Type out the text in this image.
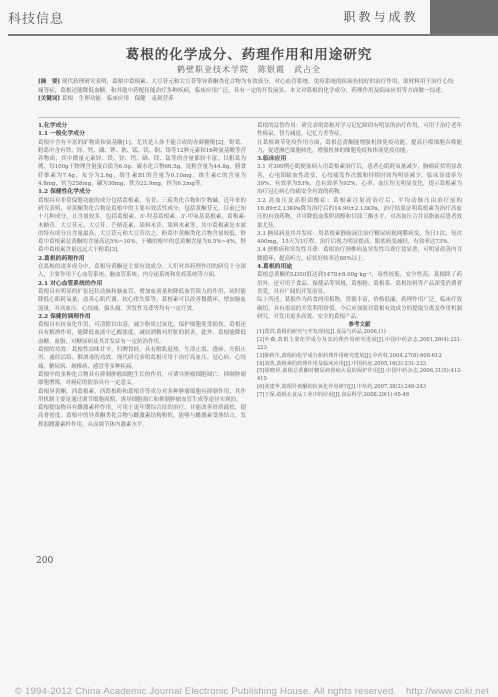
科技信息	职教与成教
葛根的化学成分、药理作用和用途研究
鹤壁职业技术学院　陈银霞　武占全
[摘　要] 现代药理研究表明，葛根中葛根素、大豆苷元和大豆苷等异黄酮类化合物为有效成分，对心血管系统、免疫系统的疾病有较好的治疗作用，原材料用于治疗心绞痛等症，葛根还能降低血糖，和其他中药配伍能治疗多种疾病，临床应用广泛，具有一定的开发前景。本文对葛根的化学成分、药理作用及临床应用等方面做一综述。
[关键词] 葛根　生理功能　临床应用　保健　麦麸营养
1.化学成分
1.1 一般化学成分

葛根中含有丰富的矿物质和氨基酸[1]。尤其是人体不能合成的赤藓糖醇[2]。野葛、粉葛中含有铁、锌、钙、磷、钾、钠、锰、镁、铜、铬等12种元素和16种氨基酸等营养物质，其中微量元素锌、铁、锌、钙、硒、镁、锰等的含量都较丰富。以粗葛为例，每100g干物理含量蛋白质为6.0g、碳水化合物66.5g，淀粉含量为44.8g，膳食纤维素为7.4g，灰分为2.6g，维生素B1的含量为0.10mg，维生素C的含量为4.8mg，钙为258mg，磷为30mg，铁为22.9mg，锌为6.2mg等。

1.2 保健性化学成分

葛根具有非常保健功能的成分包括葛根素、皂苷、三萜类化合物和生物碱。近年来的研究表明，异黄酮类化合物是葛根中的主要有效活性成分，包括黄酮苷元、目前已知十几种成分，且含量较多，包括葛根素、3'-羟基葛根素、3'-甲氧基葛根素、葛根素-木糖苷、大豆苷元、大豆苷、芒柄花素、染料木苷、染料木素等，其中葛根素是本属的特有成分且含量最高，大豆苷元和大豆苷次之。粉葛中黄酮类化合物含量较低，野葛中葛根素总黄酮的含量高达5%~10%，干燥的根中的总黄酮含量为0.5%~4%，野葛中葛根素含量远远大于粉葛[3]。

2.葛根的药理作用

在葛根的诸多成分中，葛根异黄酮是主要有效成分。人们对其药理作用的研究十分深入，主要作用于心血管系统、脑血管系统、内分泌系统和免疫系统等方面。

2.1 对心血管系统的作用

葛根具有明显的扩张冠状动脉和脑血管、增加血流量和降低血管阻力的作用，同时能降低心肌耗氧量、改善心肌代谢、抗心律失常等。葛根素可以改善微循环，增加脑血流量，对高血压、心绞痛、偏头痛、突发性耳聋等均有一定疗效。

2.2 保健的调理作用

葛根具有抗氧化作用，可清除自由基，减少脂质过氧化，保护细胞免受损伤。葛根还具有解酒作用，能降低血液中乙醇浓度，减轻酒精对肝脏的损害。此外，葛根能降低血糖、血脂，对糖尿病及其并发症有一定防治作用。

葛根的功效：葛根性凉味甘辛，归脾胃经，具有解肌退热、生津止渴、透疹、升阳止泻、通经活络、解酒毒的功效。现代研究表明葛根可用于治疗高血压、冠心病、心绞痛、糖尿病、颈椎病、感冒等多种疾病。

葛根中的多种化合物具有抑制肿瘤细胞生长的作用，可诱导肿瘤细胞凋亡，抑制肿瘤细胞增殖，对癌症的防治具有一定意义。

葛根异黄酮，西葛根素，西葛根粉和葛根苷等成分对多种肿瘤细胞有抑制作用，其作用机制主要是通过调节细胞周期、诱导细胞凋亡和抑制肿瘤血管生成等途径实现的。

葛根提取物具有雌激素样作用，可用于更年期综合征的治疗，并能改善骨质疏松，提高骨密度。葛根中的异黄酮类化合物与雌激素结构相似，能够与雌激素受体结合，发挥弱雌激素样作用，从而调节体内激素水平。

葛根的益智作用：研究表明葛根对学习记忆障碍有明显的治疗作用，可用于治疗老年性痴呆，智力减退，记忆力差等症。

在葛根调节免疫作用方面，葛根总黄酮能增强机体免疫功能，提高巨噬细胞吞噬能力，促进淋巴细胞转化，增强机体的细胞免疫和体液免疫功能。

3.临床应用

3.1 对300例心肌梗塞病人用葛根素治疗后，患者心肌耗氧量减少，胸痛症状明显改善，心电图缺血性改变，心绞痛发作次数和持续时间均明显减少。临床显效率为39%，有效率为53%，总有效率为92%，心率、血压均无明显变化，提示葛根素为治疗冠心病心绞痛安全有效的药物。

3.2 高血压及高胆固醇症：葛根素注射液治疗后，平均动脉压由治疗前的16.89±2.13KPa降为治疗后的14.90±2.13KPa，治疗结果证明葛根素为治疗高血压的有效药物，并可降低血浆胆固醇和甘油三酯水平，对高血压合并高脂血症患者效果尤佳。

3.3 糖尿病及其并发症：用葛根素静脉滴注治疗糖尿病视网膜病变，每日1次，每次400mg，15天为1疗程，治疗后视力明显提高，眼底病变减轻，有效率达73%。

3.4 颈椎病和突发性耳聋：葛根治疗颈椎病及突发性耳聋疗效显著，可明显改善内耳微循环，提高听力，症状好转率达88%以上。

4.葛根的用途

葛根总黄酮的LD50值达到1478±8.00g·kg⁻¹，毒性较低，安全性高。葛根除了药用外，还可用于食品、保健品等领域，葛根粉、葛根茶、葛根饮料等产品深受消费者喜爱，具有广阔的开发前景。

综上所述，葛根作为药食两用植物，资源丰富，价格低廉，药理作用广泛，临床疗效确切，具有很高的开发利用价值。今后应加强对葛根有效成分的提取分离及作用机制研究，开发出更多高效、安全的葛根产品。

参考文献

[1]郑洪,葛根的研究与开发现状[J].食品与药品,2006,(1)

[2]叶森,葛根主要化学成分及其药理作用研究进展[J].中国中药杂志,2001,26(4):221-223

[3]陈秋生,葛根的化学成分和药理作用研究进展[J].中药材,2004,27(8):608-612

[4]刘英,葛根素的药理作用及临床应用[J].中国药房,2005,16(3):231-233

[5]徐晓昇,葛根总黄酮对糖尿病肾病大鼠的保护作用[J].中国中药杂志,2006,31(5):412-415

[6]张建华,葛根异黄酮的抗氧化作用研究[J].中草药,2007,38(2):240-243

[7]王保,葛根在食品工业中的应用[J].食品科学,2008,29(1):45-48

200
© 1994-2012 China Academic Journal Electronic Publishing House. All rights reserved.　http://www.cnki.net
